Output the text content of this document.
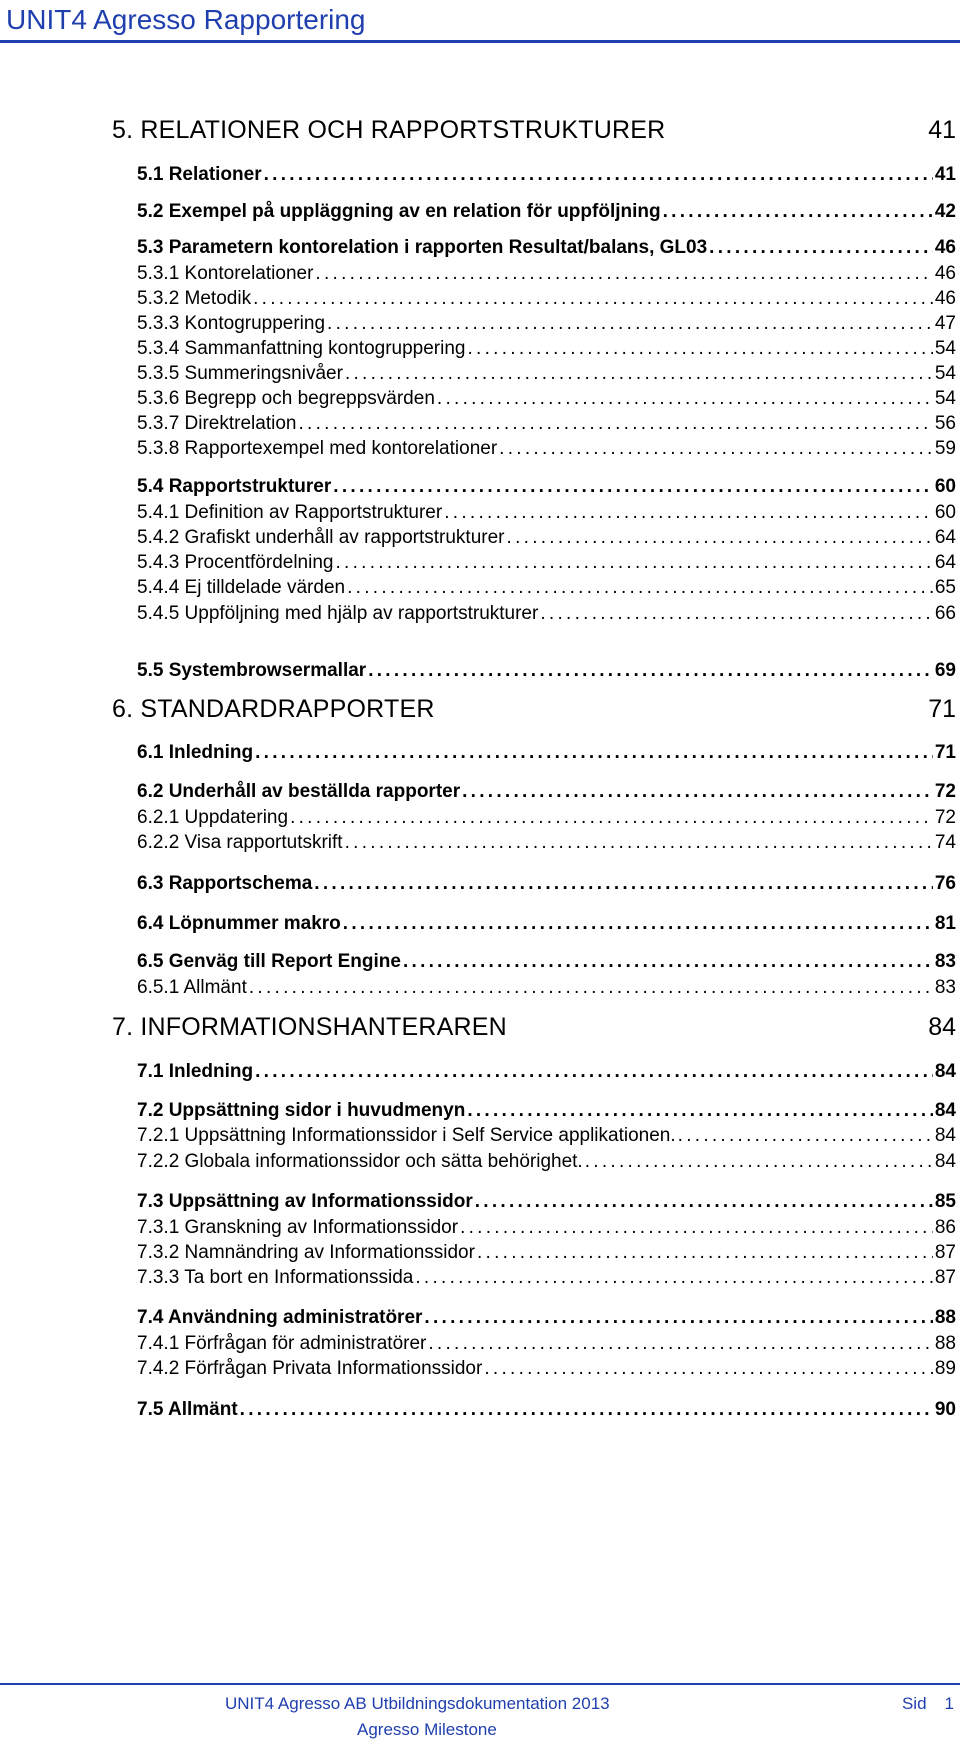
UNIT4 Agresso Rapportering
5. RELATIONER OCH RAPPORTSTRUKTURER	41
5.1 Relationer . . .	41
5.2 Exempel på uppläggning av en relation för uppföljning . . .	42
5.3 Parametern kontorelation i rapporten Resultat/balans, GL03 . . .	46
5.3.1 Kontorelationer . . .	46
5.3.2 Metodik . . .	46
5.3.3 Kontogruppering . . .	47
5.3.4 Sammanfattning kontogruppering . . .	54
5.3.5 Summeringsnivåer . . .	54
5.3.6 Begrepp och begreppsvärden . . .	54
5.3.7 Direktrelation . . .	56
5.3.8 Rapportexempel med kontorelationer . . .	59
5.4 Rapportstrukturer . . .	60
5.4.1 Definition av Rapportstrukturer . . .	60
5.4.2 Grafiskt underhåll av rapportstrukturer . . .	64
5.4.3 Procentfördelning . . .	64
5.4.4 Ej tilldelade värden . . .	65
5.4.5 Uppföljning med hjälp av rapportstrukturer . . .	66
5.5 Systembrowsermallar . . .	69
6. STANDARDRAPPORTER	71
6.1 Inledning . . .	71
6.2 Underhåll av beställda rapporter . . .	72
6.2.1 Uppdatering . . .	72
6.2.2 Visa rapportutskrift . . .	74
6.3 Rapportschema . . .	76
6.4 Löpnummer makro . . .	81
6.5 Genväg till Report Engine . . .	83
6.5.1 Allmänt . . .	83
7. INFORMATIONSHANTERAREN	84
7.1 Inledning . . .	84
7.2 Uppsättning sidor i huvudmenyn . . .	84
7.2.1 Uppsättning Informationssidor i Self Service applikationen. . . .	84
7.2.2 Globala informationssidor och sätta behörighet. . . .	84
7.3 Uppsättning av Informationssidor . . .	85
7.3.1 Granskning av Informationssidor . . .	86
7.3.2 Namnändring av Informationssidor . . .	87
7.3.3 Ta bort en Informationssida . . .	87
7.4 Användning administratörer . . .	88
7.4.1 Förfrågan för administratörer . . .	88
7.4.2 Förfrågan Privata Informationssidor . . .	89
7.5 Allmänt . . .	90
UNIT4 Agresso AB Utbildningsdokumentation 2013
Agresso Milestone
Sid 1
